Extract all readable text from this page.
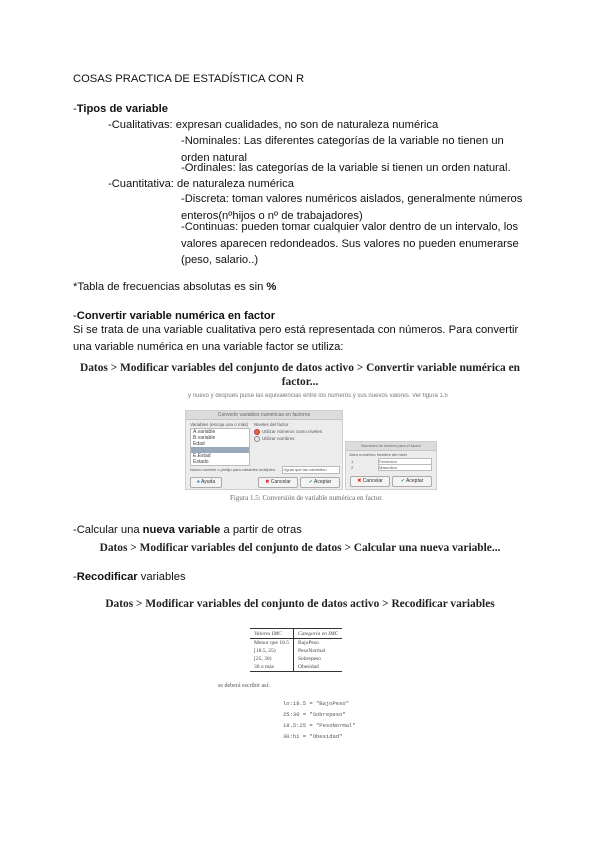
COSAS PRACTICA DE ESTADÍSTICA CON R
-Tipos de variable
-Cualitativas: expresan cualidades, no son de naturaleza numérica
-Nominales: Las diferentes categorías de la variable no tienen un orden natural
-Ordinales: las categorías de la variable si tienen un orden natural.
-Cuantitativa: de naturaleza numérica
-Discreta: toman valores numéricos aislados, generalmente números enteros(nºhijos o nº de trabajadores)
-Continuas: pueden tomar cualquier valor dentro de un intervalo, los valores aparecen redondeados. Sus valores no pueden enumerarse (peso, salario..)
*Tabla de frecuencias absolutas es sin %
-Convertir variable numérica en factor
Si se trata de una variable cualitativa pero está representada con números. Para convertir una variable numérica en una variable factor se utiliza:
Datos > Modificar variables del conjunto de datos activo > Convertir variable numérica en factor...
y nuevo y después pulse las equivalencias entre los números y sus nuevos valores. Ver figura 1.5
Convertir variables numéricas en factores
Variables (escoja una o más)
A.variable
B.variable
Edad
E.Estad
Estado
Niveles del factor
Utilizar números como niveles
Utilizar nombres
Nuevo nombre o prefijo para variables múltiples: <igual que las variables>
● Ayuda	✖ Cancelar	✔ Aceptar
Nombres de niveles para el factor
Valor numérico Nombre del nivel
1	Femenino
2	Masculino
✖ Cancelar	✔ Aceptar
Figura 1.5: Conversión de variable numérica en factor.
-Calcular una nueva variable a partir de otras
Datos > Modificar variables del conjunto de datos > Calcular una nueva variable...
-Recodificar variables
Datos > Modificar variables del conjunto de datos activo > Recodificar variables
Valores IMC	Categoría en IMC
Menor que 18.5	BajoPeso
[18.5, 25)	PesoNormal
[25, 30)	Sobrepeso
30 o más	Obesidad
se deberá escribir así:
lo:18.5 = "BajoPeso"
25:30 = "Sobrepeso"
18.5:25 = "PesoNormal"
30:hi = "Obesidad"
